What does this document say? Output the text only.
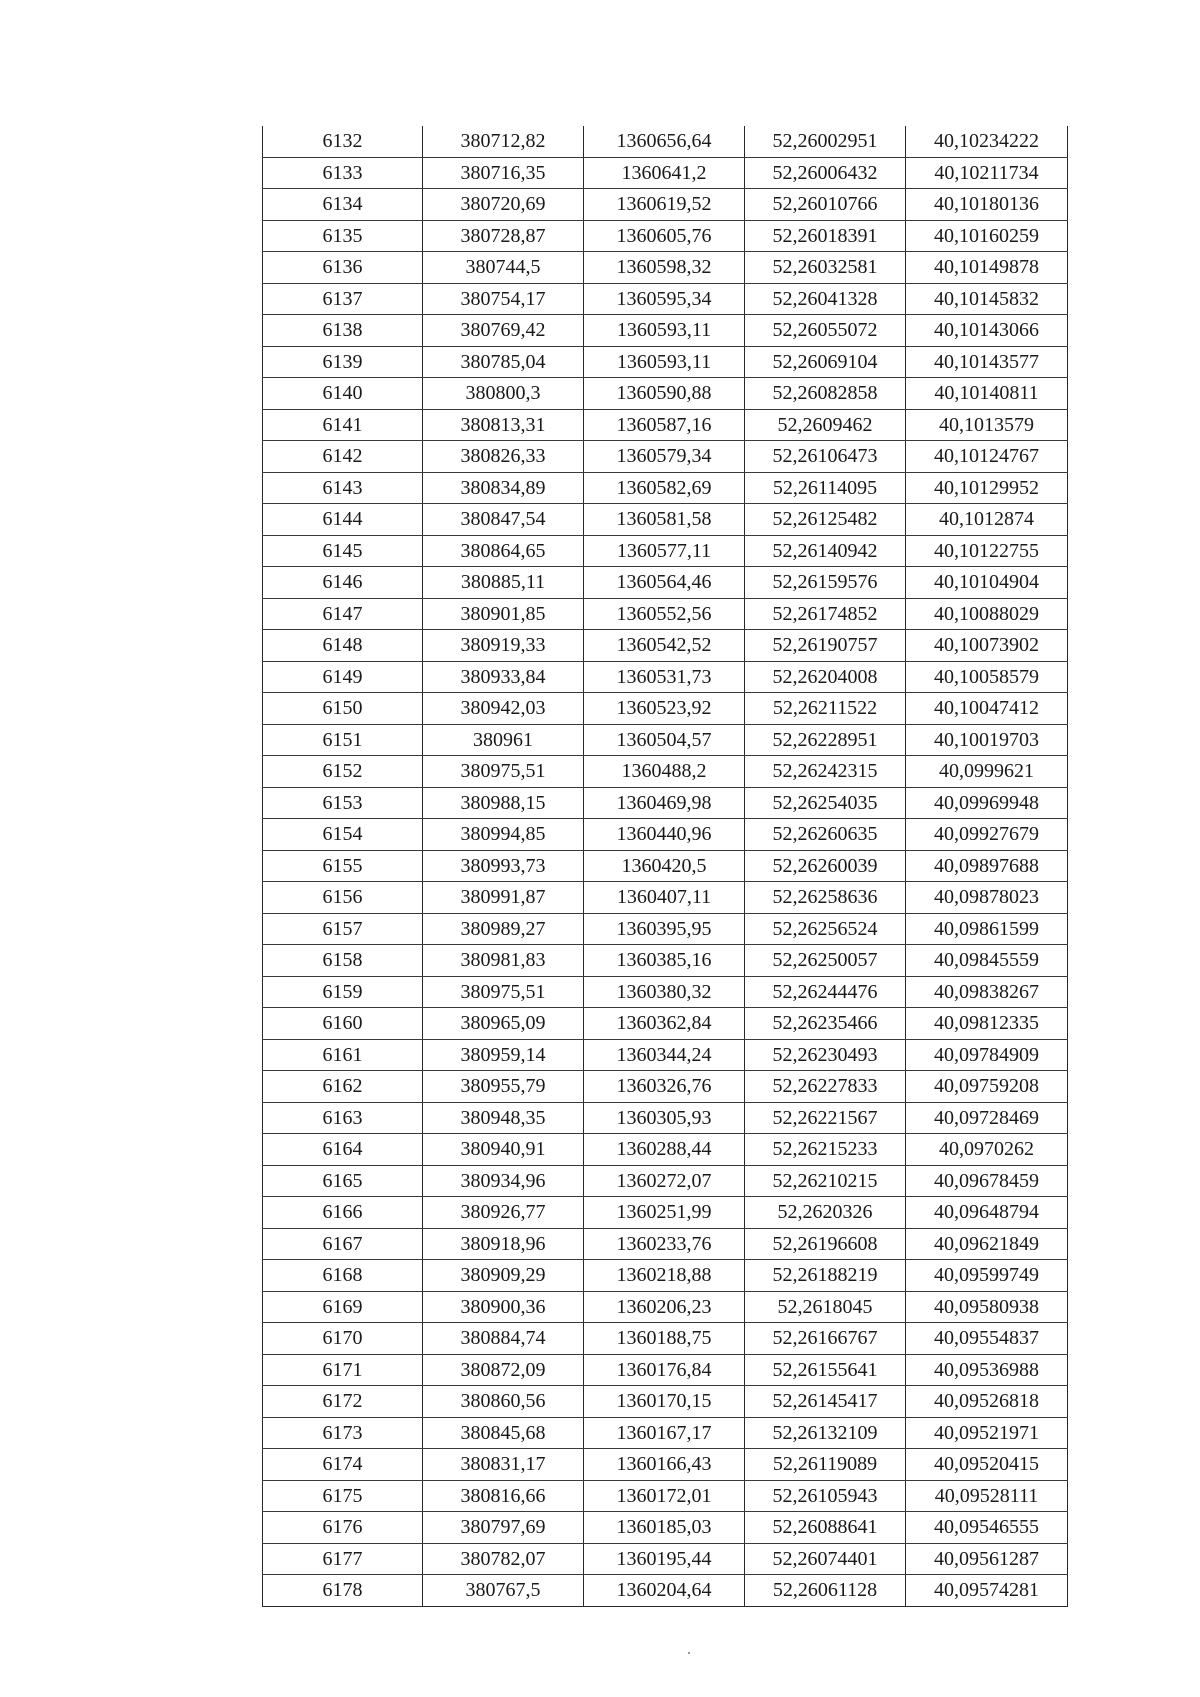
6132	380712,82	1360656,64	52,26002951	40,10234222
6133	380716,35	1360641,2	52,26006432	40,10211734
6134	380720,69	1360619,52	52,26010766	40,10180136
6135	380728,87	1360605,76	52,26018391	40,10160259
6136	380744,5	1360598,32	52,26032581	40,10149878
6137	380754,17	1360595,34	52,26041328	40,10145832
6138	380769,42	1360593,11	52,26055072	40,10143066
6139	380785,04	1360593,11	52,26069104	40,10143577
6140	380800,3	1360590,88	52,26082858	40,10140811
6141	380813,31	1360587,16	52,2609462	40,1013579
6142	380826,33	1360579,34	52,26106473	40,10124767
6143	380834,89	1360582,69	52,26114095	40,10129952
6144	380847,54	1360581,58	52,26125482	40,1012874
6145	380864,65	1360577,11	52,26140942	40,10122755
6146	380885,11	1360564,46	52,26159576	40,10104904
6147	380901,85	1360552,56	52,26174852	40,10088029
6148	380919,33	1360542,52	52,26190757	40,10073902
6149	380933,84	1360531,73	52,26204008	40,10058579
6150	380942,03	1360523,92	52,26211522	40,10047412
6151	380961	1360504,57	52,26228951	40,10019703
6152	380975,51	1360488,2	52,26242315	40,0999621
6153	380988,15	1360469,98	52,26254035	40,09969948
6154	380994,85	1360440,96	52,26260635	40,09927679
6155	380993,73	1360420,5	52,26260039	40,09897688
6156	380991,87	1360407,11	52,26258636	40,09878023
6157	380989,27	1360395,95	52,26256524	40,09861599
6158	380981,83	1360385,16	52,26250057	40,09845559
6159	380975,51	1360380,32	52,26244476	40,09838267
6160	380965,09	1360362,84	52,26235466	40,09812335
6161	380959,14	1360344,24	52,26230493	40,09784909
6162	380955,79	1360326,76	52,26227833	40,09759208
6163	380948,35	1360305,93	52,26221567	40,09728469
6164	380940,91	1360288,44	52,26215233	40,0970262
6165	380934,96	1360272,07	52,26210215	40,09678459
6166	380926,77	1360251,99	52,2620326	40,09648794
6167	380918,96	1360233,76	52,26196608	40,09621849
6168	380909,29	1360218,88	52,26188219	40,09599749
6169	380900,36	1360206,23	52,2618045	40,09580938
6170	380884,74	1360188,75	52,26166767	40,09554837
6171	380872,09	1360176,84	52,26155641	40,09536988
6172	380860,56	1360170,15	52,26145417	40,09526818
6173	380845,68	1360167,17	52,26132109	40,09521971
6174	380831,17	1360166,43	52,26119089	40,09520415
6175	380816,66	1360172,01	52,26105943	40,09528111
6176	380797,69	1360185,03	52,26088641	40,09546555
6177	380782,07	1360195,44	52,26074401	40,09561287
6178	380767,5	1360204,64	52,26061128	40,09574281
